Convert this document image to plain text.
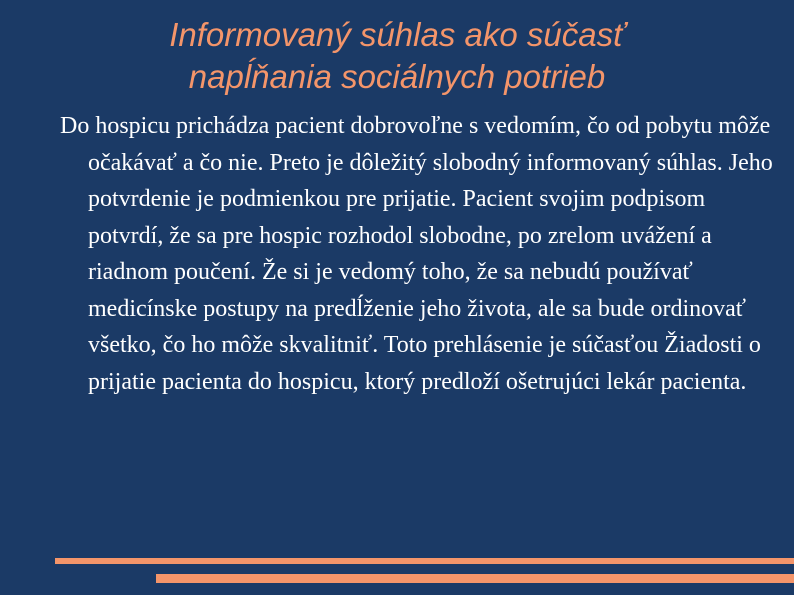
Informovaný súhlas ako súčasť
napĺňania sociálnych potrieb

Do hospicu prichádza pacient dobrovoľne s vedomím, čo od pobytu môže očakávať a čo nie. Preto je dôležitý slobodný informovaný súhlas. Jeho potvrdenie je podmienkou pre prijatie. Pacient svojim podpisom potvrdí, že sa pre hospic rozhodol slobodne, po zrelom uvážení a riadnom poučení. Že si je vedomý toho, že sa nebudú používať medicínske postupy na predĺženie jeho života, ale sa bude ordinovať všetko, čo ho môže skvalitniť. Toto prehlásenie je súčasťou Žiadosti o prijatie pacienta do hospicu, ktorý predloží ošetrujúci lekár pacienta.
